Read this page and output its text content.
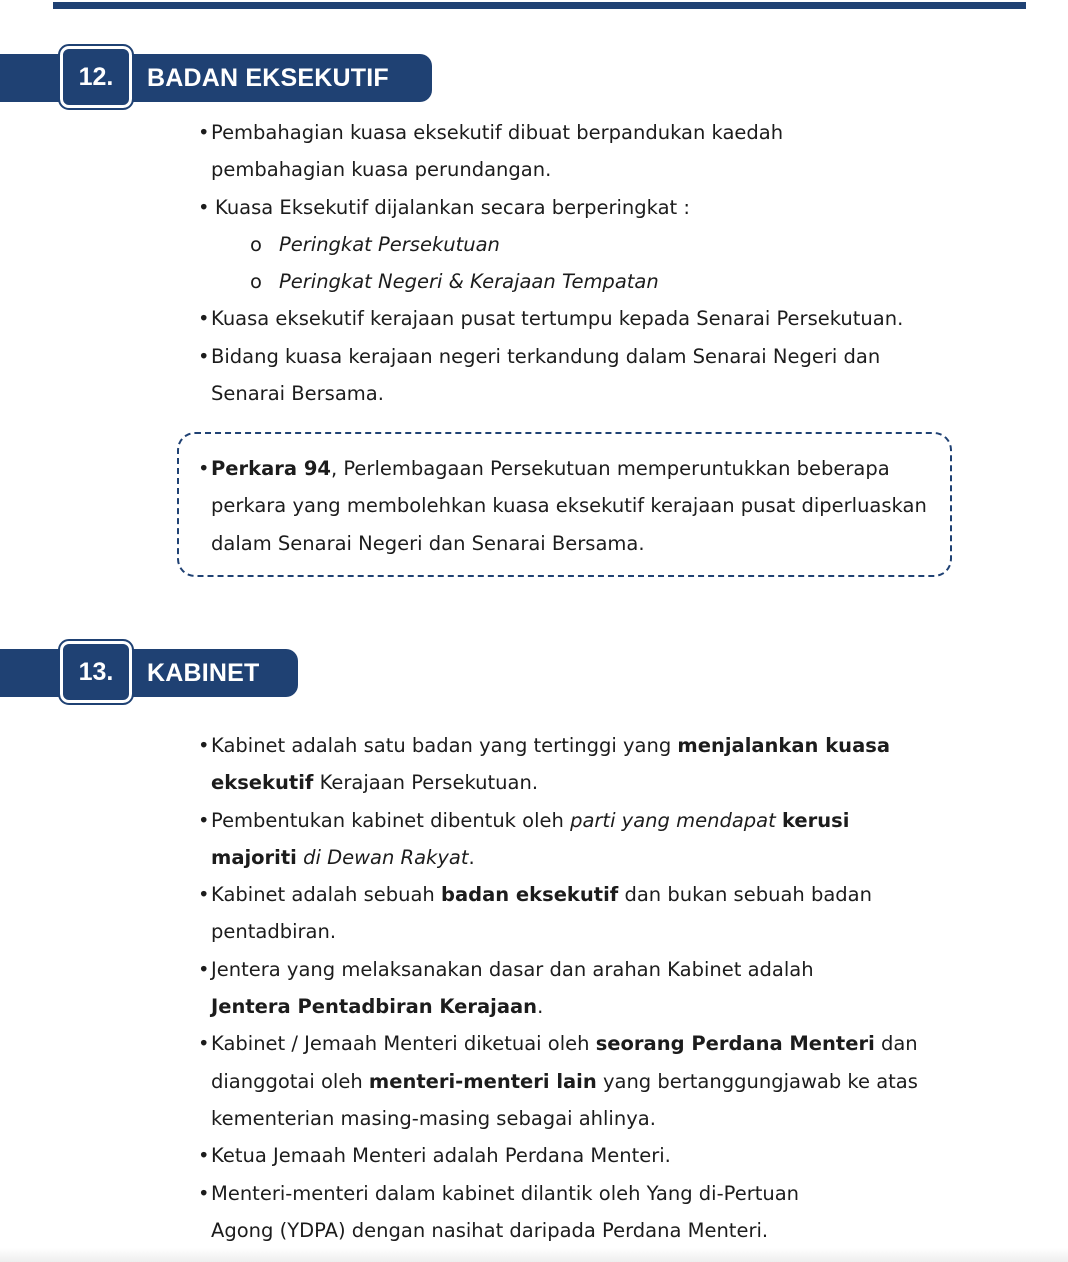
12.	BADAN EKSEKUTIF
• Pembahagian kuasa eksekutif dibuat berpandukan kaedah pembahagian kuasa perundangan.
• Kuasa Eksekutif dijalankan secara berperingkat :
o Peringkat Persekutuan
o Peringkat Negeri & Kerajaan Tempatan
• Kuasa eksekutif kerajaan pusat tertumpu kepada Senarai Persekutuan.
• Bidang kuasa kerajaan negeri terkandung dalam Senarai Negeri dan Senarai Bersama.
• Perkara 94, Perlembagaan Persekutuan memperuntukkan beberapa perkara yang membolehkan kuasa eksekutif kerajaan pusat diperluaskan dalam Senarai Negeri dan Senarai Bersama.
13.	KABINET
• Kabinet adalah satu badan yang tertinggi yang menjalankan kuasa eksekutif Kerajaan Persekutuan.
• Pembentukan kabinet dibentuk oleh parti yang mendapat kerusi majoriti di Dewan Rakyat.
• Kabinet adalah sebuah badan eksekutif dan bukan sebuah badan pentadbiran.
• Jentera yang melaksanakan dasar dan arahan Kabinet adalah Jentera Pentadbiran Kerajaan.
• Kabinet / Jemaah Menteri diketuai oleh seorang Perdana Menteri dan dianggotai oleh menteri-menteri lain yang bertanggungjawab ke atas kementerian masing-masing sebagai ahlinya.
• Ketua Jemaah Menteri adalah Perdana Menteri.
• Menteri-menteri dalam kabinet dilantik oleh Yang di-Pertuan Agong (YDPA) dengan nasihat daripada Perdana Menteri.
